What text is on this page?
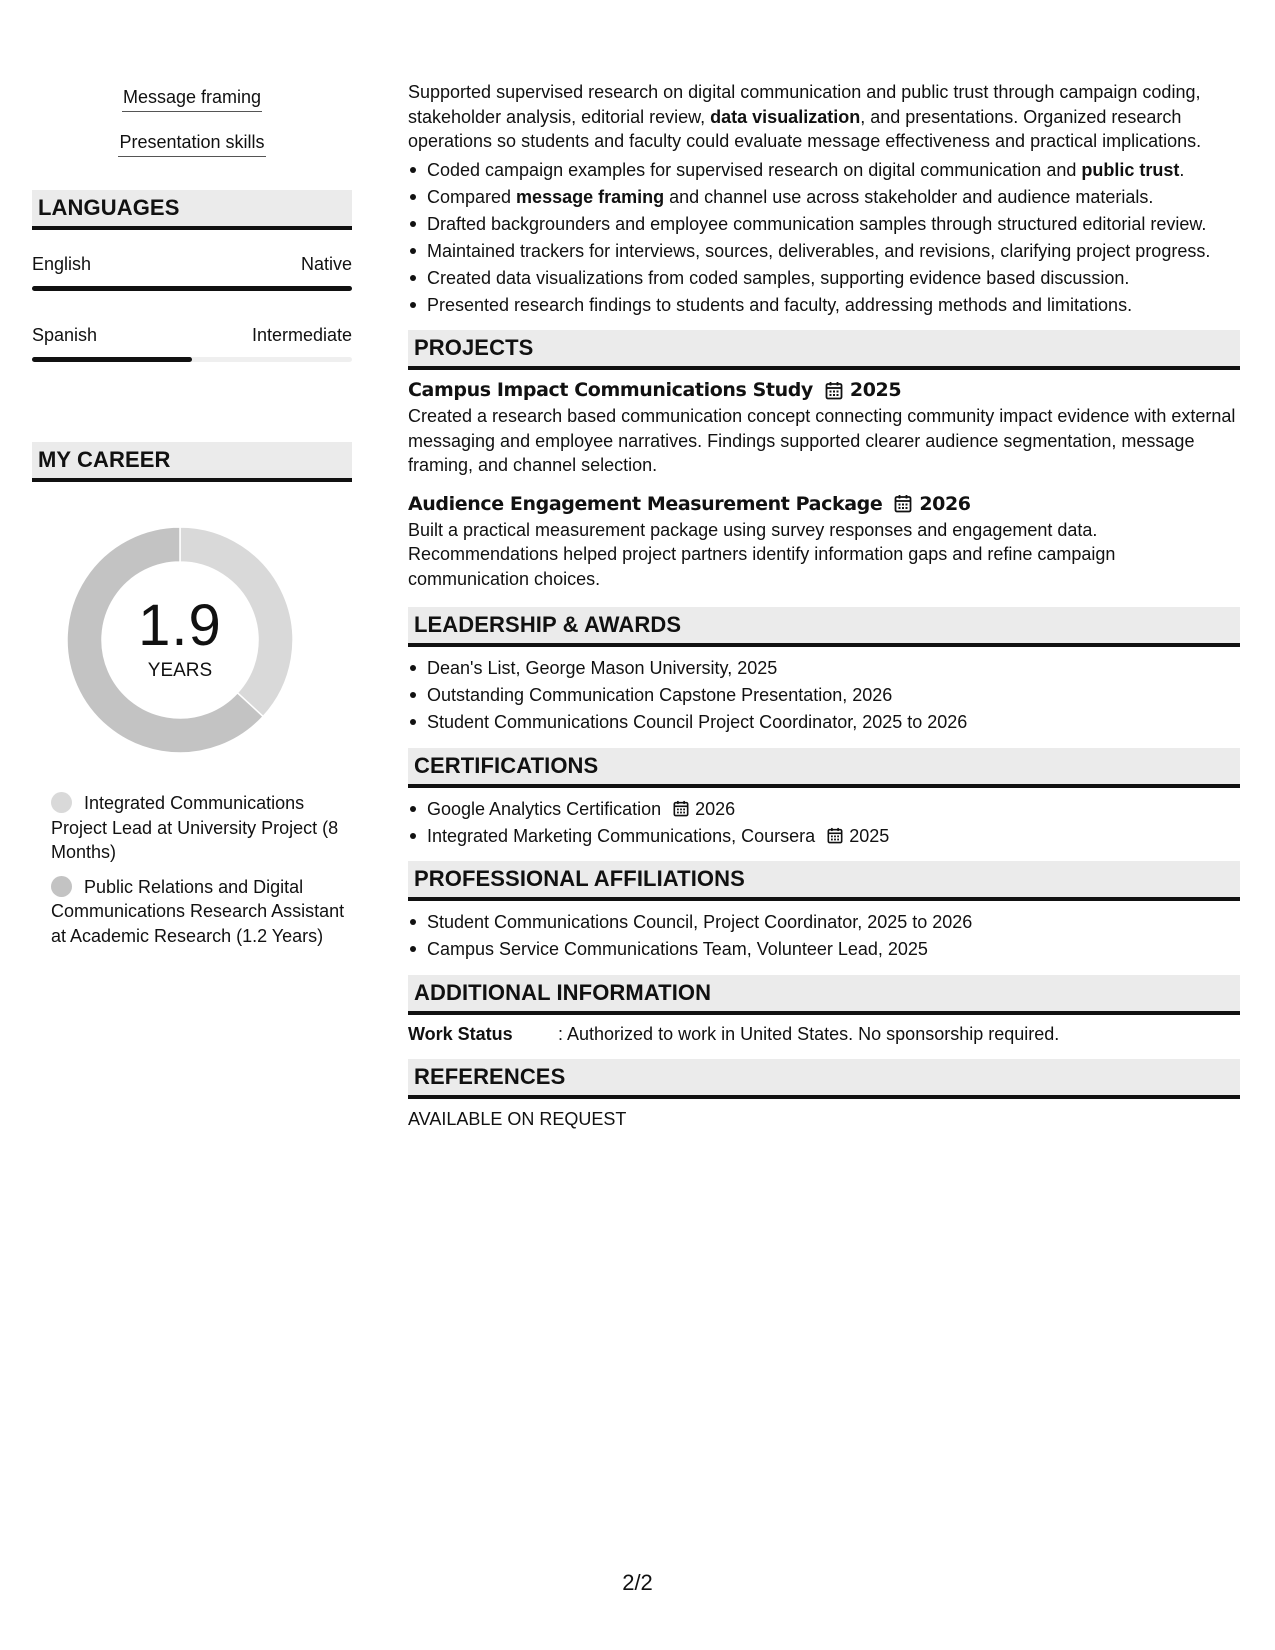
Message framing
Presentation skills
LANGUAGES
English	Native
Spanish	Intermediate
MY CAREER
1.9
YEARS
Integrated Communications Project Lead at University Project (8 Months)
Public Relations and Digital Communications Research Assistant at Academic Research (1.2 Years)
Supported supervised research on digital communication and public trust through campaign coding, stakeholder analysis, editorial review, data visualization, and presentations. Organized research operations so students and faculty could evaluate message effectiveness and practical implications.
Coded campaign examples for supervised research on digital communication and public trust.
Compared message framing and channel use across stakeholder and audience materials.
Drafted backgrounders and employee communication samples through structured editorial review.
Maintained trackers for interviews, sources, deliverables, and revisions, clarifying project progress.
Created data visualizations from coded samples, supporting evidence based discussion.
Presented research findings to students and faculty, addressing methods and limitations.
PROJECTS
Campus Impact Communications Study 2025
Created a research based communication concept connecting community impact evidence with external messaging and employee narratives. Findings supported clearer audience segmentation, message framing, and channel selection.
Audience Engagement Measurement Package 2026
Built a practical measurement package using survey responses and engagement data. Recommendations helped project partners identify information gaps and refine campaign communication choices.
LEADERSHIP & AWARDS
Dean's List, George Mason University, 2025
Outstanding Communication Capstone Presentation, 2026
Student Communications Council Project Coordinator, 2025 to 2026
CERTIFICATIONS
Google Analytics Certification 2026
Integrated Marketing Communications, Coursera 2025
PROFESSIONAL AFFILIATIONS
Student Communications Council, Project Coordinator, 2025 to 2026
Campus Service Communications Team, Volunteer Lead, 2025
ADDITIONAL INFORMATION
Work Status	: Authorized to work in United States. No sponsorship required.
REFERENCES
AVAILABLE ON REQUEST
2/2
